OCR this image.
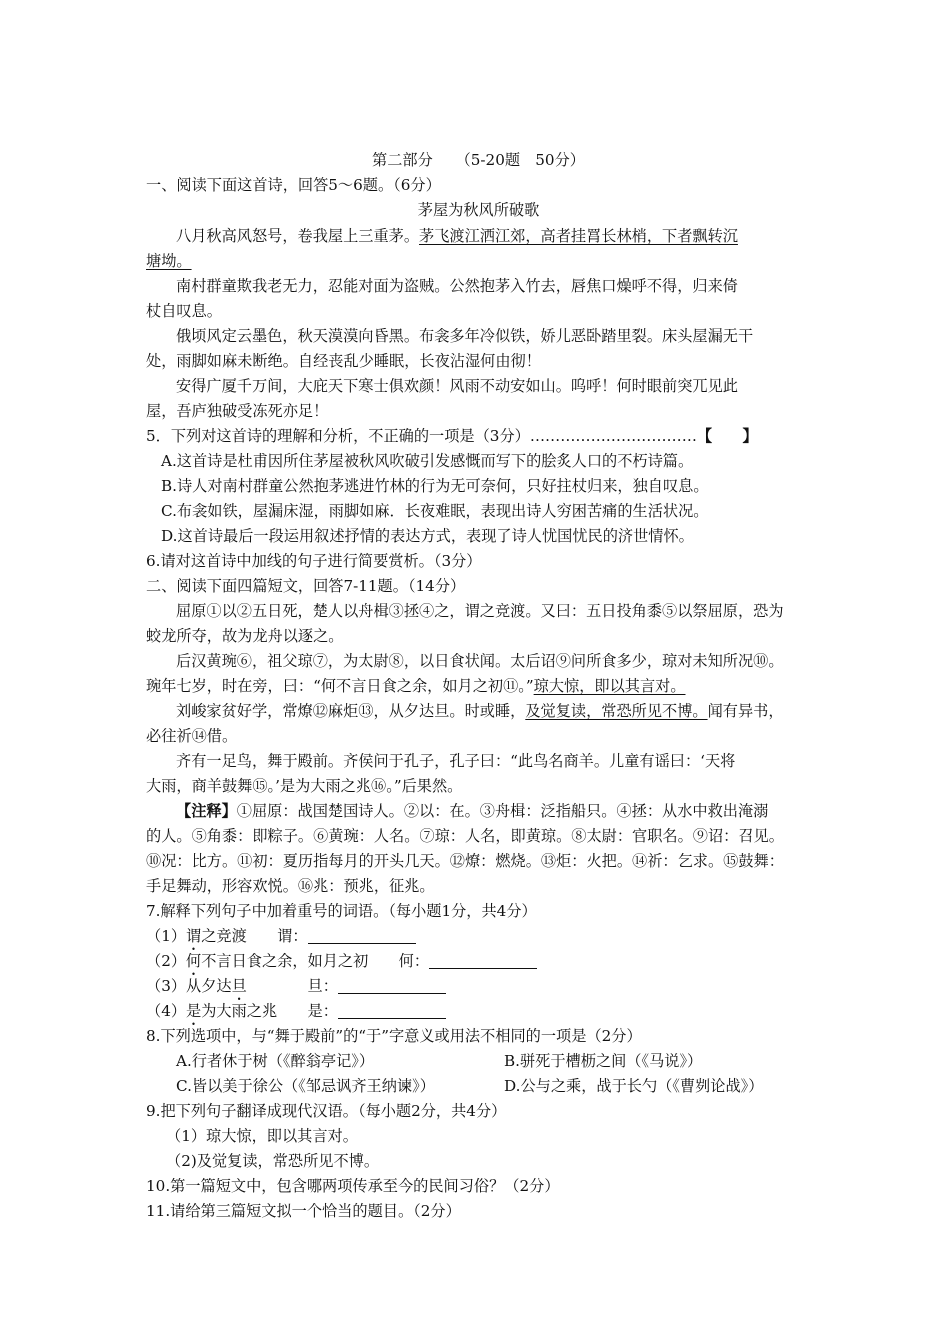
第二部分　　（5-20题　50分）
一、阅读下面这首诗，回答5～6题。（6分）
茅屋为秋风所破歌
八月秋高风怒号，卷我屋上三重茅。茅飞渡江洒江郊，高者挂罥长林梢，下者飘转沉
塘坳。
南村群童欺我老无力，忍能对面为盗贼。公然抱茅入竹去，唇焦口燥呼不得，归来倚
杖自叹息。
俄顷风定云墨色，秋天漠漠向昏黑。布衾多年冷似铁，娇儿恶卧踏里裂。床头屋漏无干
处，雨脚如麻未断绝。自经丧乱少睡眠，长夜沾湿何由彻！
安得广厦千万间，大庇天下寒士俱欢颜！风雨不动安如山。呜呼！何时眼前突兀见此
屋，吾庐独破受冻死亦足！
5．下列对这首诗的理解和分析，不正确的一项是（3分）……………………………【　　】
A.这首诗是杜甫因所住茅屋被秋风吹破引发感慨而写下的脍炙人口的不朽诗篇。
B.诗人对南村群童公然抱茅逃进竹林的行为无可奈何，只好拄杖归来，独自叹息。
C.布衾如铁，屋漏床湿，雨脚如麻．长夜难眠，表现出诗人穷困苦痛的生活状况。
D.这首诗最后一段运用叙述抒情的表达方式，表现了诗人忧国忧民的济世情怀。
6.请对这首诗中加线的句子进行简要赏析。（3分）
二、阅读下面四篇短文，回答7-11题。（14分）
屈原①以②五日死，楚人以舟楫③拯④之，谓之竞渡。又曰：五日投角黍⑤以祭屈原，恐为
蛟龙所夺，故为龙舟以逐之。
后汉黄琬⑥，祖父琼⑦，为太尉⑧，以日食状闻。太后诏⑨问所食多少，琼对未知所况⑩。
琬年七岁，时在旁，曰：“何不言日食之余，如月之初⑪。”琼大惊，即以其言对。
刘峻家贫好学，常燎⑫麻炬⑬，从夕达旦。时或睡，及觉复读，常恐所见不博。闻有异书，
必往祈⑭借。
齐有一足鸟，舞于殿前。齐侯问于孔子，孔子曰：“此鸟名商羊。儿童有谣曰：‘天将
大雨，商羊鼓舞⑮。’是为大雨之兆⑯。”后果然。
【注释】①屈原：战国楚国诗人。②以：在。③舟楫：泛指船只。④拯：从水中救出淹溺
的人。⑤角黍：即粽子。⑥黄琬：人名。⑦琼：人名，即黄琼。⑧太尉：官职名。⑨诏：召见。
⑩况：比方。⑪初：夏历指每月的开头几天。⑫燎：燃烧。⑬炬：火把。⑭祈：乞求。⑮鼓舞：
手足舞动，形容欢悦。⑯兆：预兆，征兆。
7.解释下列句子中加着重号的词语。（每小题1分，共4分）
（1）谓之竞渡　　谓：
（2）何不言日食之余，如月之初　　何：
（3）从夕达旦　　　　旦：
（4）是为大雨之兆　　是：
8.下列选项中，与“舞于殿前”的“于”字意义或用法不相同的一项是（2分）
A.行者休于树（《醉翁亭记》）	B.骈死于槽枥之间（《马说》）
C.皆以美于徐公（《邹忌讽齐王纳谏》）	D.公与之乘，战于长勺（《曹刿论战》）
9.把下列句子翻译成现代汉语。（每小题2分，共4分）
（1）琼大惊，即以其言对。
（2)及觉复读，常恐所见不博。
10.第一篇短文中，包含哪两项传承至今的民间习俗？（2分）
11.请给第三篇短文拟一个恰当的题目。（2分）
